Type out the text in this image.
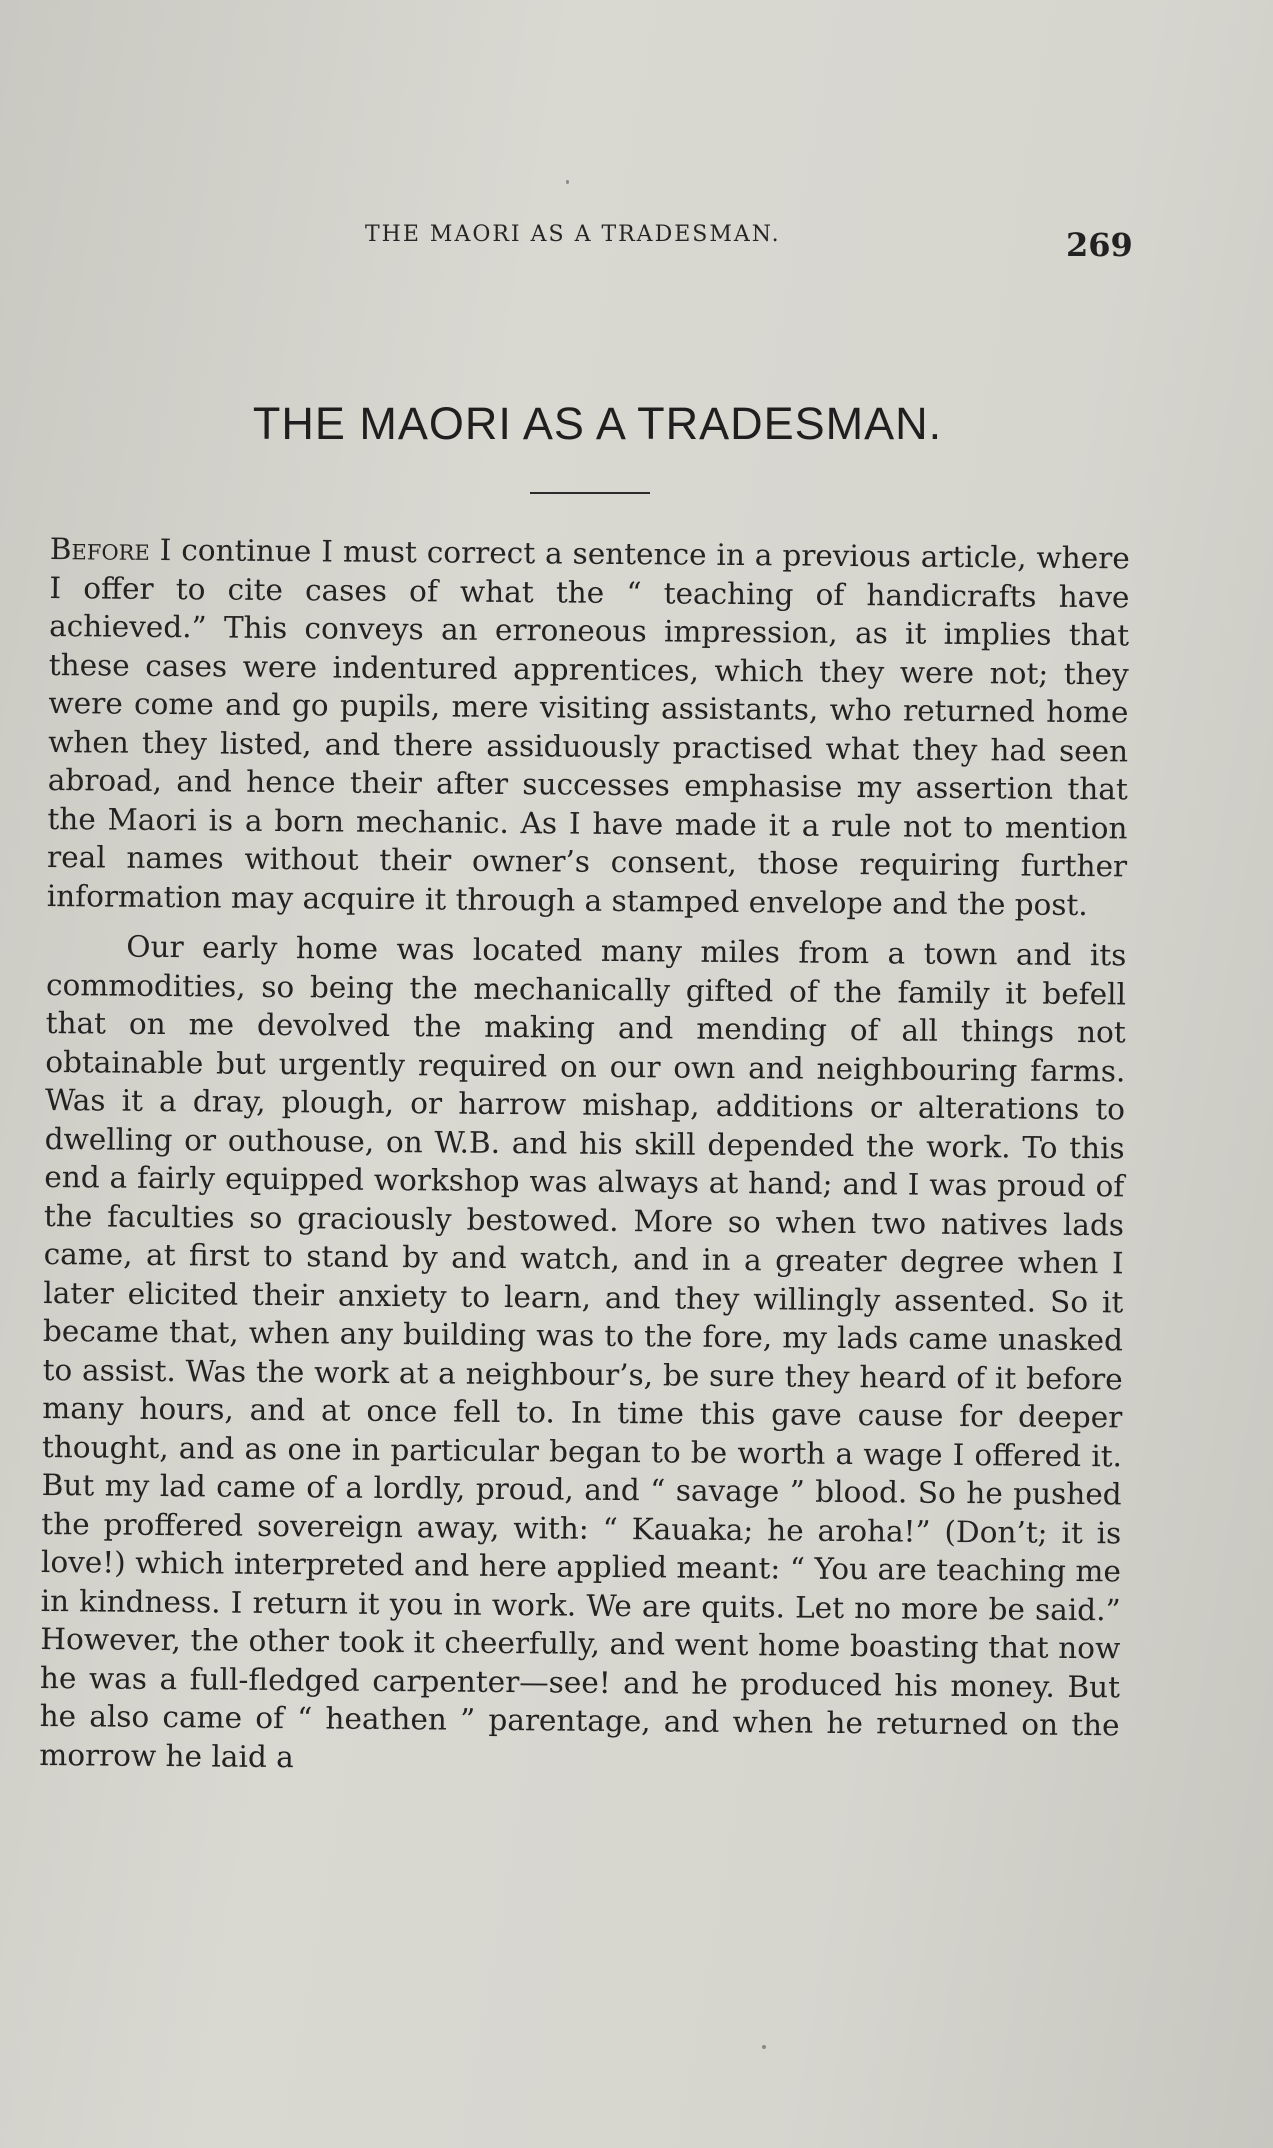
THE MAORI AS A TRADESMAN.	269
THE MAORI AS A TRADESMAN.

Before I continue I must correct a sentence in a previous article, where I offer to cite cases of what the “ teaching of handicrafts have achieved.” This conveys an erroneous impression, as it implies that these cases were indentured apprentices, which they were not; they were come and go pupils, mere visiting assistants, who returned home when they listed, and there assiduously practised what they had seen abroad, and hence their after successes emphasise my assertion that the Maori is a born mechanic. As I have made it a rule not to mention real names without their owner’s consent, those requiring further information may acquire it through a stamped envelope and the post.

Our early home was located many miles from a town and its commodities, so being the mechanically gifted of the family it befell that on me devolved the making and mending of all things not obtainable but urgently required on our own and neighbouring farms. Was it a dray, plough, or harrow mishap, additions or alterations to dwelling or outhouse, on W.B. and his skill depended the work. To this end a fairly equipped workshop was always at hand; and I was proud of the faculties so graciously bestowed. More so when two natives lads came, at first to stand by and watch, and in a greater degree when I later elicited their anxiety to learn, and they willingly assented. So it became that, when any building was to the fore, my lads came unasked to assist. Was the work at a neighbour’s, be sure they heard of it before many hours, and at once fell to. In time this gave cause for deeper thought, and as one in particular began to be worth a wage I offered it. But my lad came of a lordly, proud, and “ savage ” blood. So he pushed the proffered sovereign away, with: “ Kauaka; he aroha!” (Don’t; it is love!) which interpreted and here applied meant: “ You are teaching me in kindness. I return it you in work. We are quits. Let no more be said.” However, the other took it cheerfully, and went home boasting that now he was a full-fledged carpenter—see! and he produced his money. But he also came of “ heathen ” parentage, and when he returned on the morrow he laid a
